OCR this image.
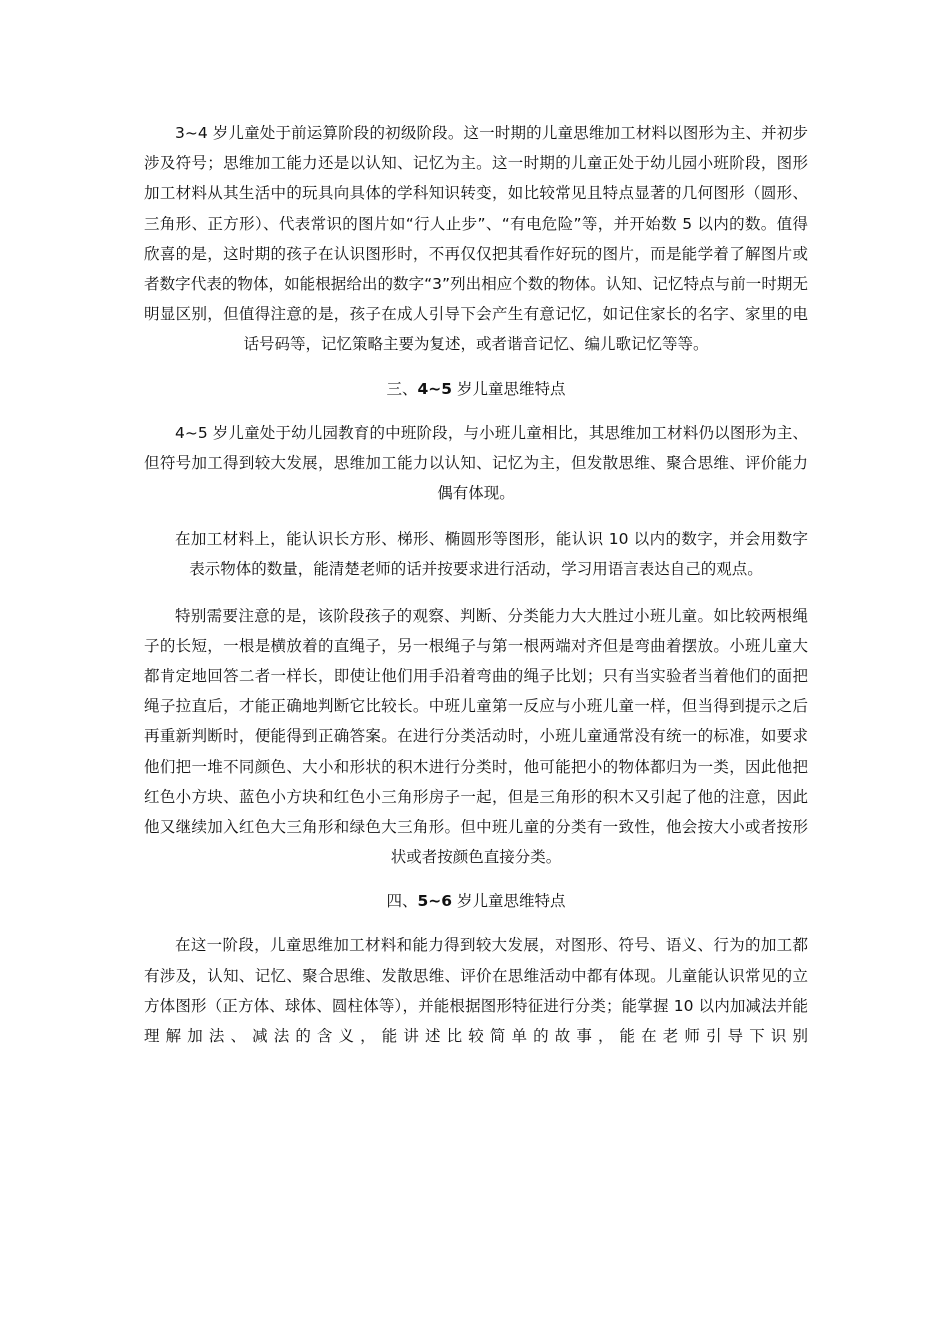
3~4 岁儿童处于前运算阶段的初级阶段。这一时期的儿童思维加工材料以图形为主、并初步涉及符号；思维加工能力还是以认知、记忆为主。这一时期的儿童正处于幼儿园小班阶段，图形加工材料从其生活中的玩具向具体的学科知识转变，如比较常见且特点显著的几何图形（圆形、三角形、正方形）、代表常识的图片如“行人止步”、“有电危险”等，并开始数 5 以内的数。值得欣喜的是，这时期的孩子在认识图形时，不再仅仅把其看作好玩的图片，而是能学着了解图片或者数字代表的物体，如能根据给出的数字“3”列出相应个数的物体。认知、记忆特点与前一时期无明显区别，但值得注意的是，孩子在成人引导下会产生有意记忆，如记住家长的名字、家里的电话号码等，记忆策略主要为复述，或者谐音记忆、编儿歌记忆等等。

三、4~5 岁儿童思维特点

4~5 岁儿童处于幼儿园教育的中班阶段，与小班儿童相比，其思维加工材料仍以图形为主、但符号加工得到较大发展，思维加工能力以认知、记忆为主，但发散思维、聚合思维、评价能力偶有体现。

在加工材料上，能认识长方形、梯形、椭圆形等图形，能认识 10 以内的数字，并会用数字表示物体的数量，能清楚老师的话并按要求进行活动，学习用语言表达自己的观点。

特别需要注意的是，该阶段孩子的观察、判断、分类能力大大胜过小班儿童。如比较两根绳子的长短，一根是横放着的直绳子，另一根绳子与第一根两端对齐但是弯曲着摆放。小班儿童大都肯定地回答二者一样长，即使让他们用手沿着弯曲的绳子比划；只有当实验者当着他们的面把绳子拉直后，才能正确地判断它比较长。中班儿童第一反应与小班儿童一样，但当得到提示之后再重新判断时，便能得到正确答案。在进行分类活动时，小班儿童通常没有统一的标准，如要求他们把一堆不同颜色、大小和形状的积木进行分类时，他可能把小的物体都归为一类，因此他把红色小方块、蓝色小方块和红色小三角形房子一起，但是三角形的积木又引起了他的注意，因此他又继续加入红色大三角形和绿色大三角形。但中班儿童的分类有一致性，他会按大小或者按形状或者按颜色直接分类。

四、5~6 岁儿童思维特点

在这一阶段，儿童思维加工材料和能力得到较大发展，对图形、符号、语义、行为的加工都有涉及，认知、记忆、聚合思维、发散思维、评价在思维活动中都有体现。儿童能认识常见的立方体图形（正方体、球体、圆柱体等），并能根据图形特征进行分类；能掌握 10 以内加减法并能理解加法、减法的含义，能讲述比较简单的故事，能在老师引导下识别
